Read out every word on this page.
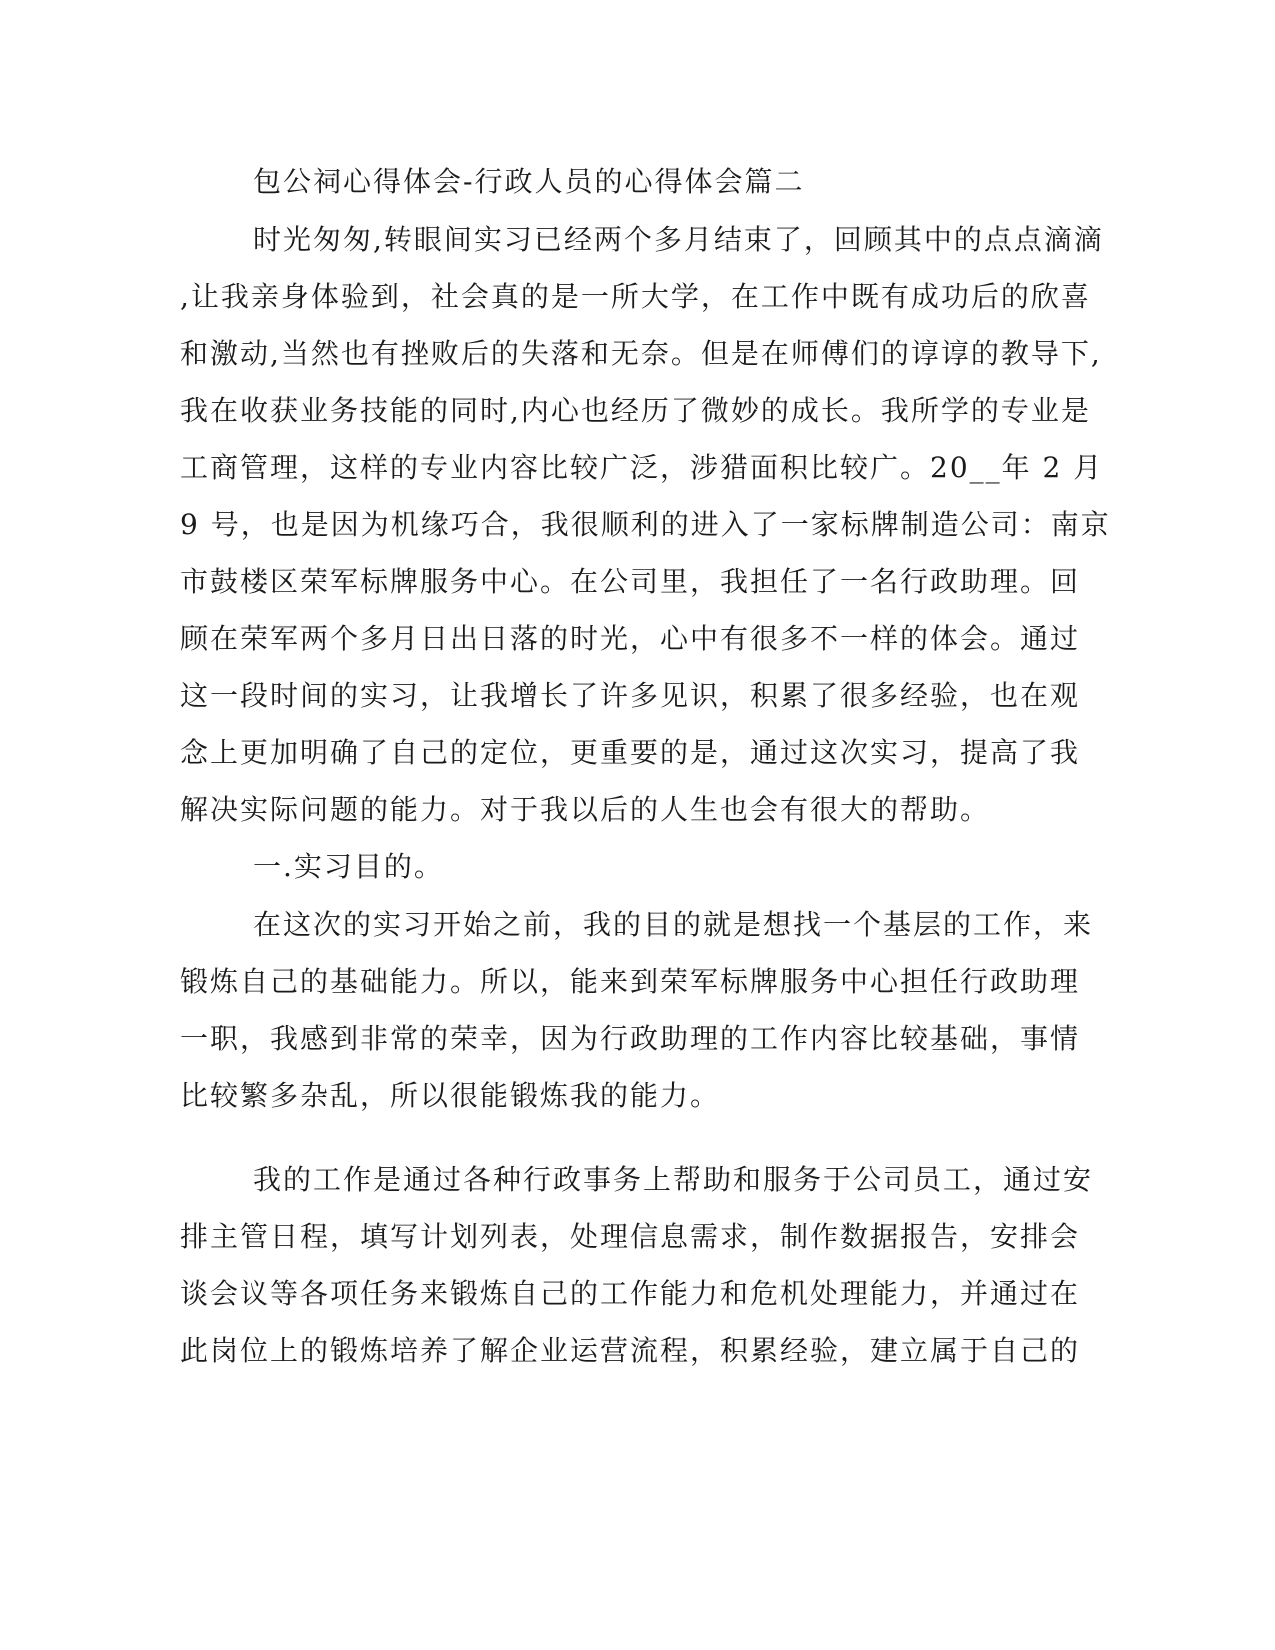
包公祠心得体会-行政人员的心得体会篇二

时光匆匆,转眼间实习已经两个多月结束了，回顾其中的点点滴滴

,让我亲身体验到，社会真的是一所大学，在工作中既有成功后的欣喜

和激动,当然也有挫败后的失落和无奈。但是在师傅们的谆谆的教导下,

我在收获业务技能的同时,内心也经历了微妙的成长。我所学的专业是

工商管理，这样的专业内容比较广泛，涉猎面积比较广。20__年 2 月

9 号，也是因为机缘巧合，我很顺利的进入了一家标牌制造公司：南京

市鼓楼区荣军标牌服务中心。在公司里，我担任了一名行政助理。回

顾在荣军两个多月日出日落的时光，心中有很多不一样的体会。通过

这一段时间的实习，让我增长了许多见识，积累了很多经验，也在观

念上更加明确了自己的定位，更重要的是，通过这次实习，提高了我

解决实际问题的能力。对于我以后的人生也会有很大的帮助。

一.实习目的。

在这次的实习开始之前，我的目的就是想找一个基层的工作，来

锻炼自己的基础能力。所以，能来到荣军标牌服务中心担任行政助理

一职，我感到非常的荣幸，因为行政助理的工作内容比较基础，事情

比较繁多杂乱，所以很能锻炼我的能力。

我的工作是通过各种行政事务上帮助和服务于公司员工，通过安

排主管日程，填写计划列表，处理信息需求，制作数据报告，安排会

谈会议等各项任务来锻炼自己的工作能力和危机处理能力，并通过在

此岗位上的锻炼培养了解企业运营流程，积累经验，建立属于自己的
